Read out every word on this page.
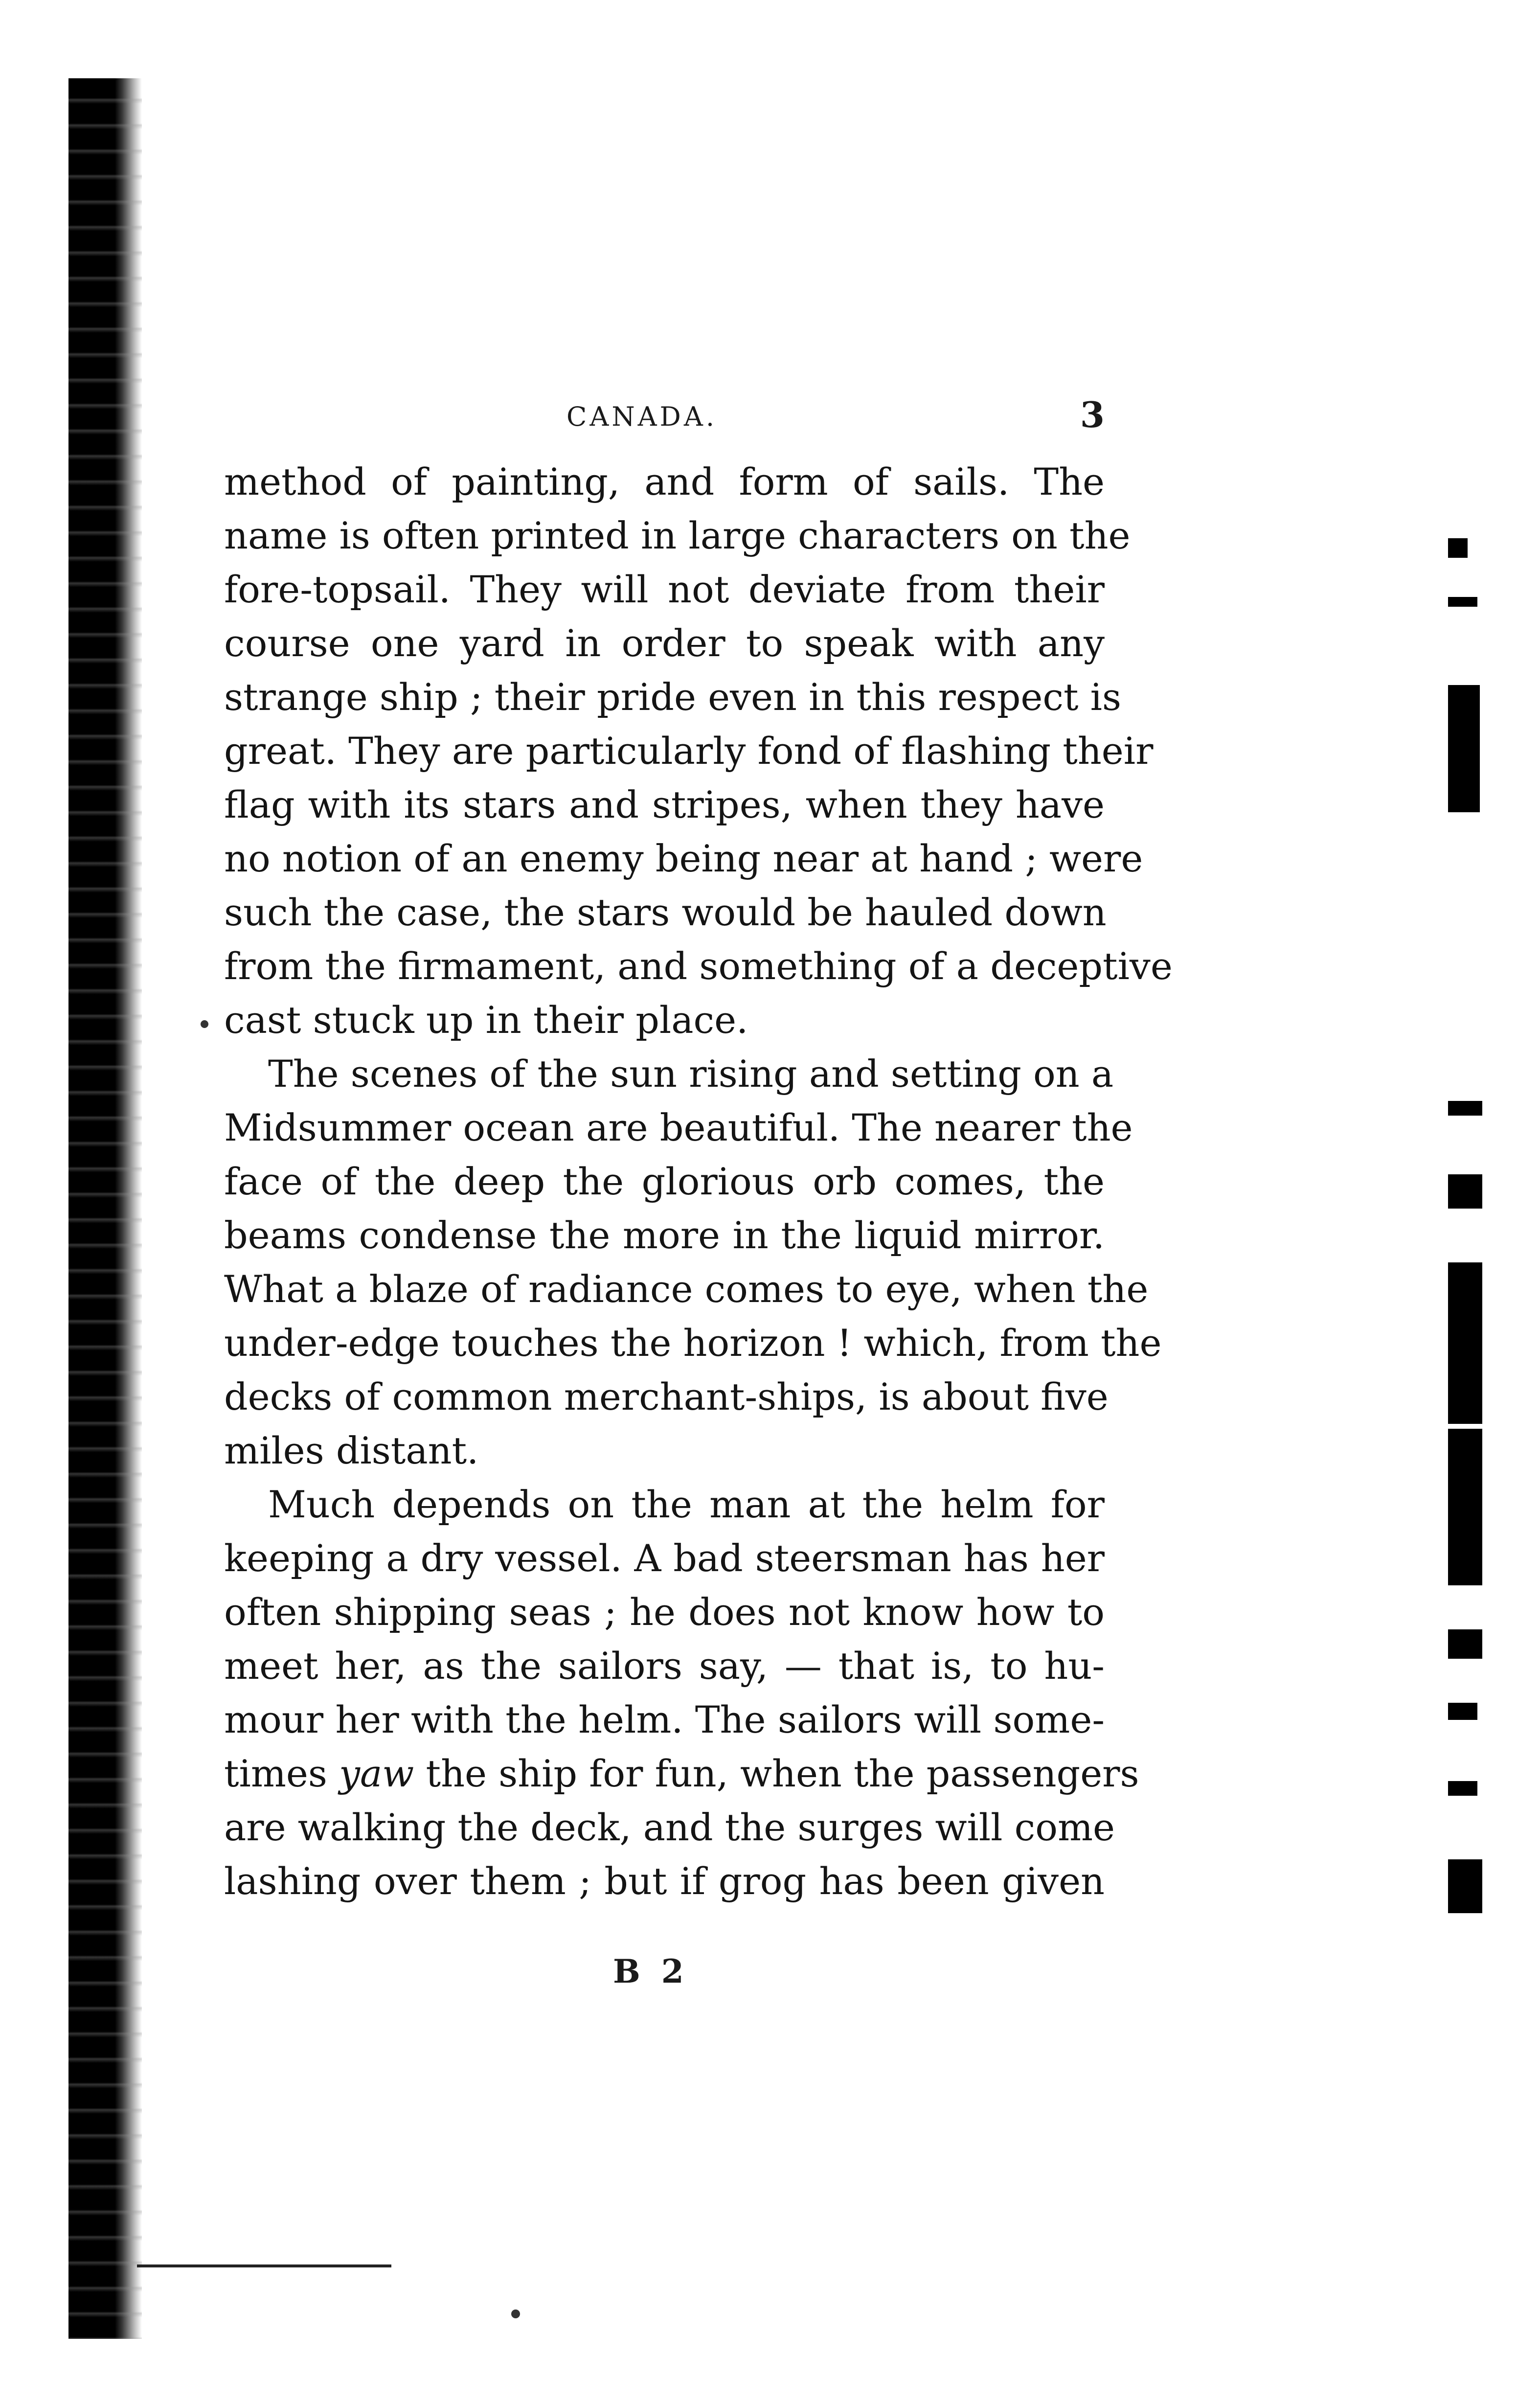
CANADA.	3
method of painting, and form of sails. The
name is often printed in large characters on the
fore-topsail. They will not deviate from their
course one yard in order to speak with any
strange ship ; their pride even in this respect is
great. They are particularly fond of flashing their
flag with its stars and stripes, when they have
no notion of an enemy being near at hand ; were
such the case, the stars would be hauled down
from the firmament, and something of a deceptive
cast stuck up in their place.
The scenes of the sun rising and setting on a
Midsummer ocean are beautiful. The nearer the
face of the deep the glorious orb comes, the
beams condense the more in the liquid mirror.
What a blaze of radiance comes to eye, when the
under-edge touches the horizon ! which, from the
decks of common merchant-ships, is about five
miles distant.
Much depends on the man at the helm for
keeping a dry vessel. A bad steersman has her
often shipping seas ; he does not know how to
meet her, as the sailors say, — that is, to hu-
mour her with the helm. The sailors will some-
times yaw the ship for fun, when the passengers
are walking the deck, and the surges will come
lashing over them ; but if grog has been given
B 2
